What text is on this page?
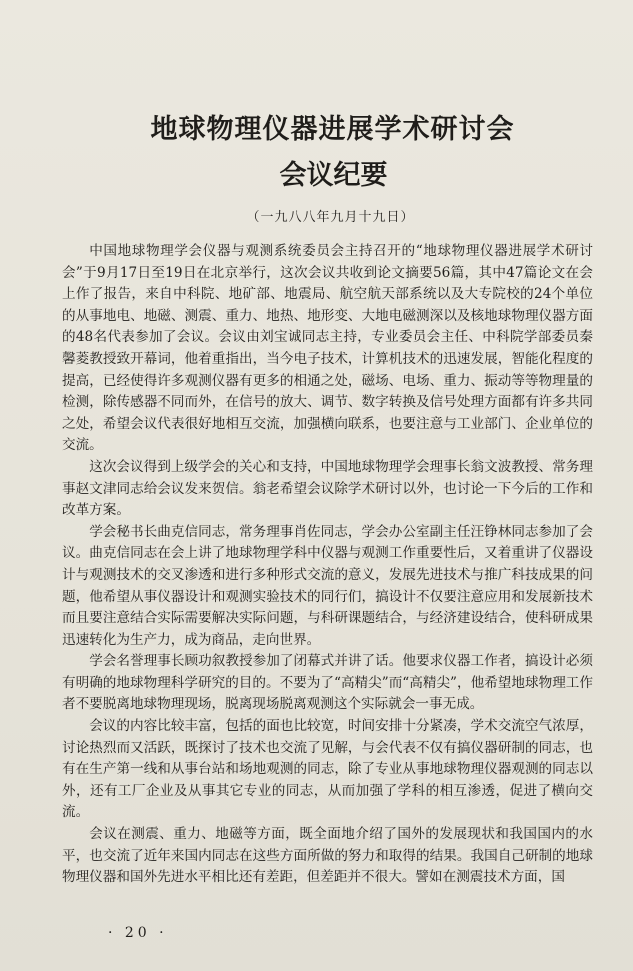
地球物理仪器进展学术研讨会
会议纪要
（一九八八年九月十九日）

中国地球物理学会仪器与观测系统委员会主持召开的“地球物理仪器进展学术研讨会”于9月17日至19日在北京举行，这次会议共收到论文摘要56篇，其中47篇论文在会上作了报告，来自中科院、地矿部、地震局、航空航天部系统以及大专院校的24个单位的从事地电、地磁、测震、重力、地热、地形变、大地电磁测深以及核地球物理仪器方面的48名代表参加了会议。会议由刘宝诚同志主持，专业委员会主任、中科院学部委员秦馨菱教授致开幕词，他着重指出，当今电子技术，计算机技术的迅速发展，智能化程度的提高，已经使得许多观测仪器有更多的相通之处，磁场、电场、重力、振动等等物理量的检测，除传感器不同而外，在信号的放大、调节、数字转换及信号处理方面都有许多共同之处，希望会议代表很好地相互交流，加强横向联系，也要注意与工业部门、企业单位的交流。

这次会议得到上级学会的关心和支持，中国地球物理学会理事长翁文波教授、常务理事赵文津同志给会议发来贺信。翁老希望会议除学术研讨以外，也讨论一下今后的工作和改革方案。

学会秘书长曲克信同志，常务理事肖佐同志，学会办公室副主任汪铮林同志参加了会议。曲克信同志在会上讲了地球物理学科中仪器与观测工作重要性后，又着重讲了仪器设计与观测技术的交叉渗透和进行多种形式交流的意义，发展先进技术与推广科技成果的问题，他希望从事仪器设计和观测实验技术的同行们，搞设计不仅要注意应用和发展新技术而且要注意结合实际需要解决实际问题，与科研课题结合，与经济建设结合，使科研成果迅速转化为生产力，成为商品，走向世界。

学会名誉理事长顾功叙教授参加了闭幕式并讲了话。他要求仪器工作者，搞设计必须有明确的地球物理科学研究的目的。不要为了“高精尖”而“高精尖”，他希望地球物理工作者不要脱离地球物理现场，脱离现场脱离观测这个实际就会一事无成。

会议的内容比较丰富，包括的面也比较宽，时间安排十分紧凑，学术交流空气浓厚，讨论热烈而又活跃，既探讨了技术也交流了见解，与会代表不仅有搞仪器研制的同志，也有在生产第一线和从事台站和场地观测的同志，除了专业从事地球物理仪器观测的同志以外，还有工厂企业及从事其它专业的同志，从而加强了学科的相互渗透，促进了横向交流。

会议在测震、重力、地磁等方面，既全面地介绍了国外的发展现状和我国国内的水平，也交流了近年来国内同志在这些方面所做的努力和取得的结果。我国自己研制的地球物理仪器和国外先进水平相比还有差距，但差距并不很大。譬如在测震技术方面，国

· 20 ·
